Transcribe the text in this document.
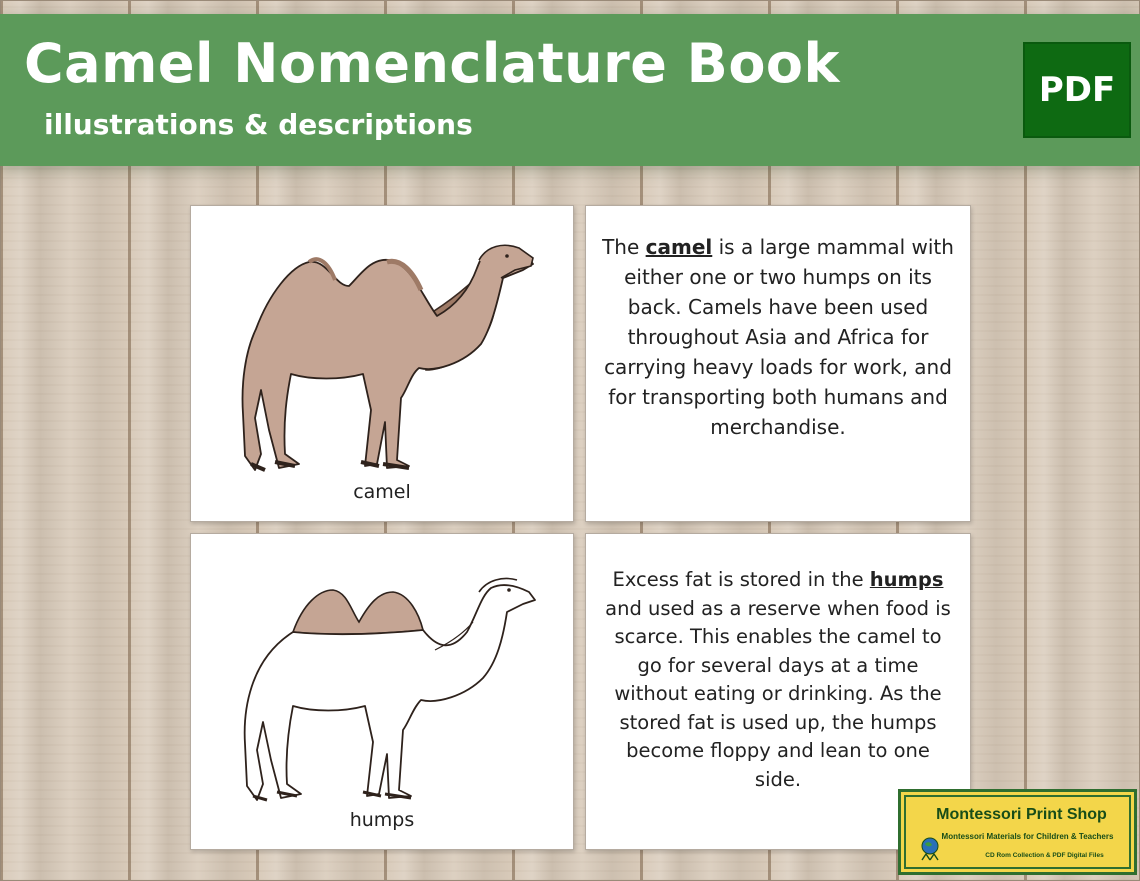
Camel Nomenclature Book
illustrations & descriptions
PDF
camel
The camel is a large mammal with either one or two humps on its back. Camels have been used throughout Asia and Africa for carrying heavy loads for work, and for transporting both humans and merchandise.
humps
Excess fat is stored in the humps and used as a reserve when food is scarce. This enables the camel to go for several days at a time without eating or drinking. As the stored fat is used up, the humps become floppy and lean to one side.
Montessori Print Shop
Montessori Materials for Children & Teachers
CD Rom Collection & PDF Digital Files
